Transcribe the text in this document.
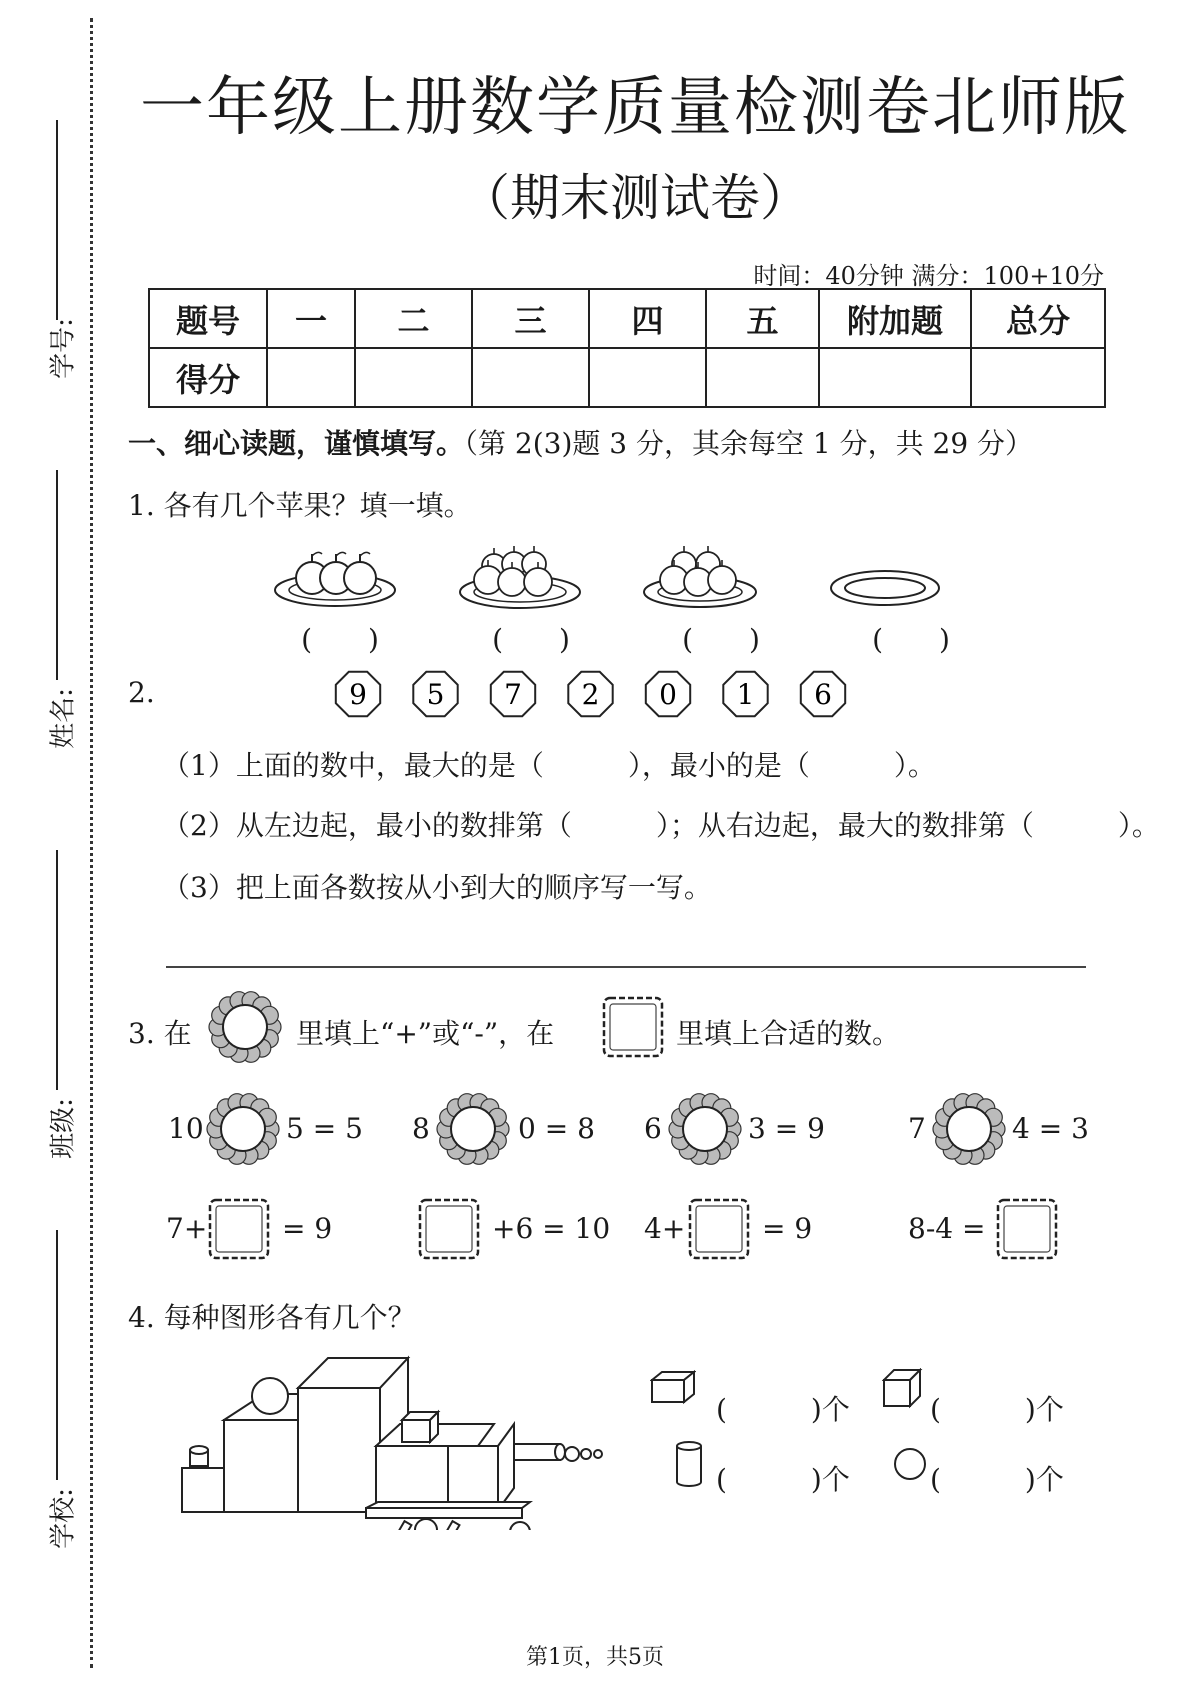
学号:
姓名:
班级:
学校:
一年级上册数学质量检测卷北师版
（期末测试卷）
时间：40分钟 满分：100+10分
题号	一	二	三	四	五	附加题	总分
得分							
一、细心读题，谨慎填写。（第 2(3)题 3 分，其余每空 1 分，共 29 分）
1. 各有几个苹果？填一填。
(　　)	(　　)	(　　)	(　　)
2.	9 5 7 2 0 1 6
（1）上面的数中，最大的是（　　　），最小的是（　　　）。
（2）从左边起，最小的数排第（　　　）；从右边起，最大的数排第（　　　）。
（3）把上面各数按从小到大的顺序写一写。
3. 在	里填上“+”或“-”，在	里填上合适的数。
10	5 = 5 8	0 = 8 6	3 = 9	7	4 = 3
7+	= 9	+6 = 10 4+	= 9	8-4 =
4. 每种图形各有几个？
(　　　)个	(　　　)个
(　　　)个	(　　　)个
第1页，共5页
